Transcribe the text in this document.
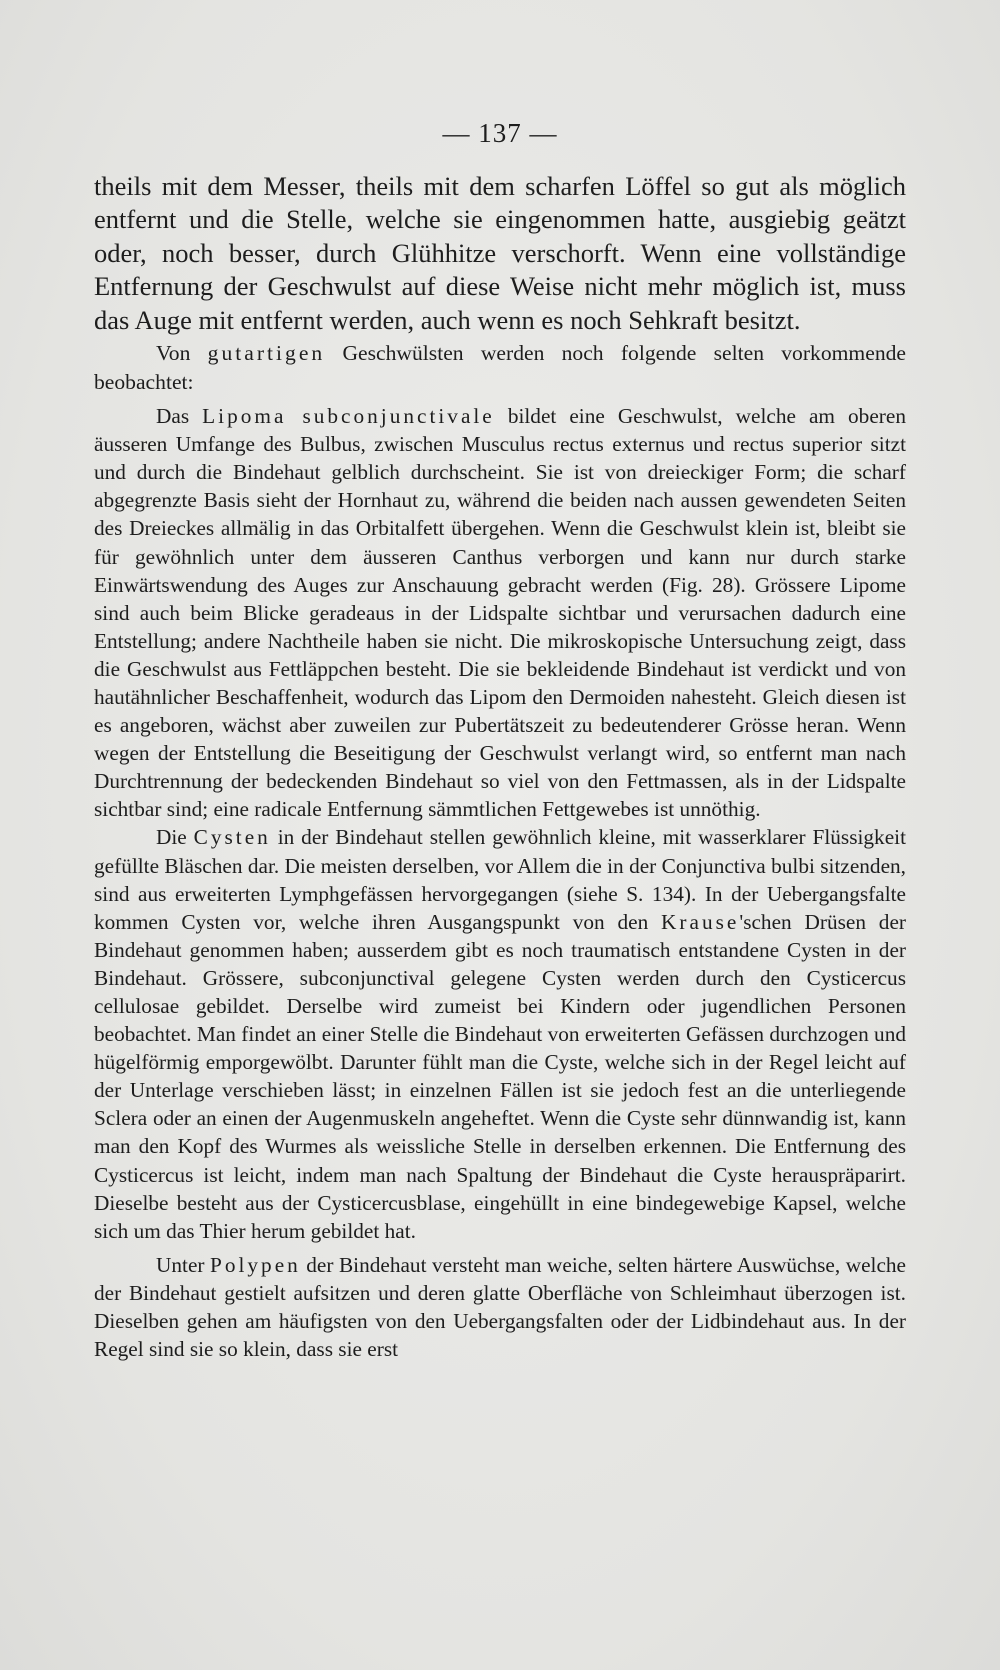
— 137 —

theils mit dem Messer, theils mit dem scharfen Löffel so gut als möglich entfernt und die Stelle, welche sie eingenommen hatte, ausgiebig geätzt oder, noch besser, durch Glühhitze verschorft. Wenn eine vollständige Entfernung der Geschwulst auf diese Weise nicht mehr möglich ist, muss das Auge mit entfernt werden, auch wenn es noch Sehkraft besitzt.

Von gutartigen Geschwülsten werden noch folgende selten vorkommende beobachtet:

Das Lipoma subconjunctivale bildet eine Geschwulst, welche am oberen äusseren Umfange des Bulbus, zwischen Musculus rectus externus und rectus superior sitzt und durch die Bindehaut gelblich durchscheint. Sie ist von dreieckiger Form; die scharf abgegrenzte Basis sieht der Hornhaut zu, während die beiden nach aussen gewendeten Seiten des Dreieckes allmälig in das Orbitalfett übergehen. Wenn die Geschwulst klein ist, bleibt sie für gewöhnlich unter dem äusseren Canthus verborgen und kann nur durch starke Einwärtswendung des Auges zur Anschauung gebracht werden (Fig. 28). Grössere Lipome sind auch beim Blicke geradeaus in der Lidspalte sichtbar und verursachen dadurch eine Entstellung; andere Nachtheile haben sie nicht. Die mikroskopische Untersuchung zeigt, dass die Geschwulst aus Fettläppchen besteht. Die sie bekleidende Bindehaut ist verdickt und von hautähnlicher Beschaffenheit, wodurch das Lipom den Dermoiden nahesteht. Gleich diesen ist es angeboren, wächst aber zuweilen zur Pubertätszeit zu bedeutenderer Grösse heran. Wenn wegen der Entstellung die Beseitigung der Geschwulst verlangt wird, so entfernt man nach Durchtrennung der bedeckenden Bindehaut so viel von den Fettmassen, als in der Lidspalte sichtbar sind; eine radicale Entfernung sämmtlichen Fettgewebes ist unnöthig.

Die Cysten in der Bindehaut stellen gewöhnlich kleine, mit wasserklarer Flüssigkeit gefüllte Bläschen dar. Die meisten derselben, vor Allem die in der Conjunctiva bulbi sitzenden, sind aus erweiterten Lymphgefässen hervorgegangen (siehe S. 134). In der Uebergangsfalte kommen Cysten vor, welche ihren Ausgangspunkt von den Krause'schen Drüsen der Bindehaut genommen haben; ausserdem gibt es noch traumatisch entstandene Cysten in der Bindehaut. Grössere, subconjunctival gelegene Cysten werden durch den Cysticercus cellulosae gebildet. Derselbe wird zumeist bei Kindern oder jugendlichen Personen beobachtet. Man findet an einer Stelle die Bindehaut von erweiterten Gefässen durchzogen und hügelförmig emporgewölbt. Darunter fühlt man die Cyste, welche sich in der Regel leicht auf der Unterlage verschieben lässt; in einzelnen Fällen ist sie jedoch fest an die unterliegende Sclera oder an einen der Augenmuskeln angeheftet. Wenn die Cyste sehr dünnwandig ist, kann man den Kopf des Wurmes als weissliche Stelle in derselben erkennen. Die Entfernung des Cysticercus ist leicht, indem man nach Spaltung der Bindehaut die Cyste herauspräparirt. Dieselbe besteht aus der Cysticercusblase, eingehüllt in eine bindegewebige Kapsel, welche sich um das Thier herum gebildet hat.

Unter Polypen der Bindehaut versteht man weiche, selten härtere Auswüchse, welche der Bindehaut gestielt aufsitzen und deren glatte Oberfläche von Schleimhaut überzogen ist. Dieselben gehen am häufigsten von den Uebergangsfalten oder der Lidbindehaut aus. In der Regel sind sie so klein, dass sie erst
